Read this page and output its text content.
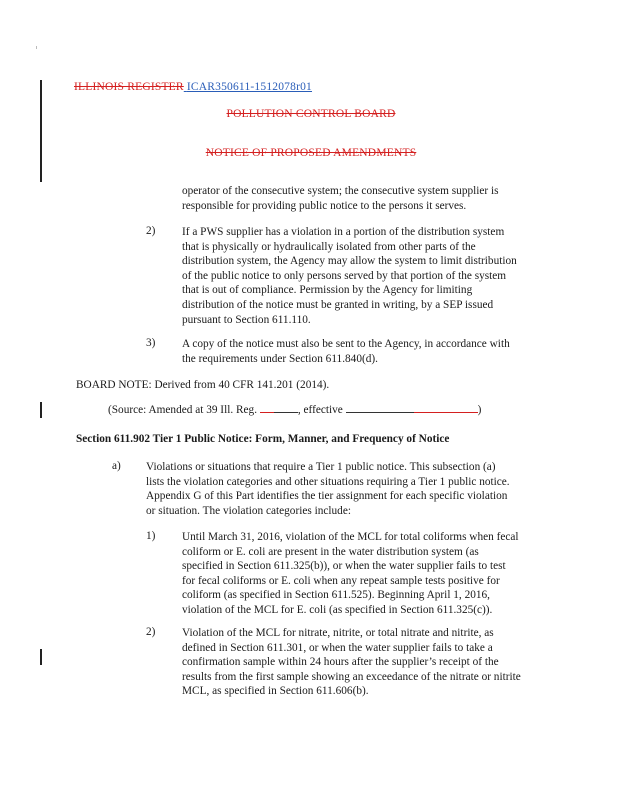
ILLINOIS REGISTER ICAR350611-1512078r01
POLLUTION CONTROL BOARD
NOTICE OF PROPOSED AMENDMENTS
operator of the consecutive system; the consecutive system supplier is
responsible for providing public notice to the persons it serves.
2) If a PWS supplier has a violation in a portion of the distribution system
that is physically or hydraulically isolated from other parts of the
distribution system, the Agency may allow the system to limit distribution
of the public notice to only persons served by that portion of the system
that is out of compliance. Permission by the Agency for limiting
distribution of the notice must be granted in writing, by a SEP issued
pursuant to Section 611.110.
3) A copy of the notice must also be sent to the Agency, in accordance with
the requirements under Section 611.840(d).
BOARD NOTE: Derived from 40 CFR 141.201 (2014).
(Source: Amended at 39 Ill. Reg.	, effective	)
Section 611.902 Tier 1 Public Notice: Form, Manner, and Frequency of Notice
a) Violations or situations that require a Tier 1 public notice. This subsection (a)
lists the violation categories and other situations requiring a Tier 1 public notice.
Appendix G of this Part identifies the tier assignment for each specific violation
or situation. The violation categories include:
1) Until March 31, 2016, violation of the MCL for total coliforms when fecal
coliform or E. coli are present in the water distribution system (as
specified in Section 611.325(b)), or when the water supplier fails to test
for fecal coliforms or E. coli when any repeat sample tests positive for
coliform (as specified in Section 611.525). Beginning April 1, 2016,
violation of the MCL for E. coli (as specified in Section 611.325(c)).
2) Violation of the MCL for nitrate, nitrite, or total nitrate and nitrite, as
defined in Section 611.301, or when the water supplier fails to take a
confirmation sample within 24 hours after the supplier’s receipt of the
results from the first sample showing an exceedance of the nitrate or nitrite
MCL, as specified in Section 611.606(b).
